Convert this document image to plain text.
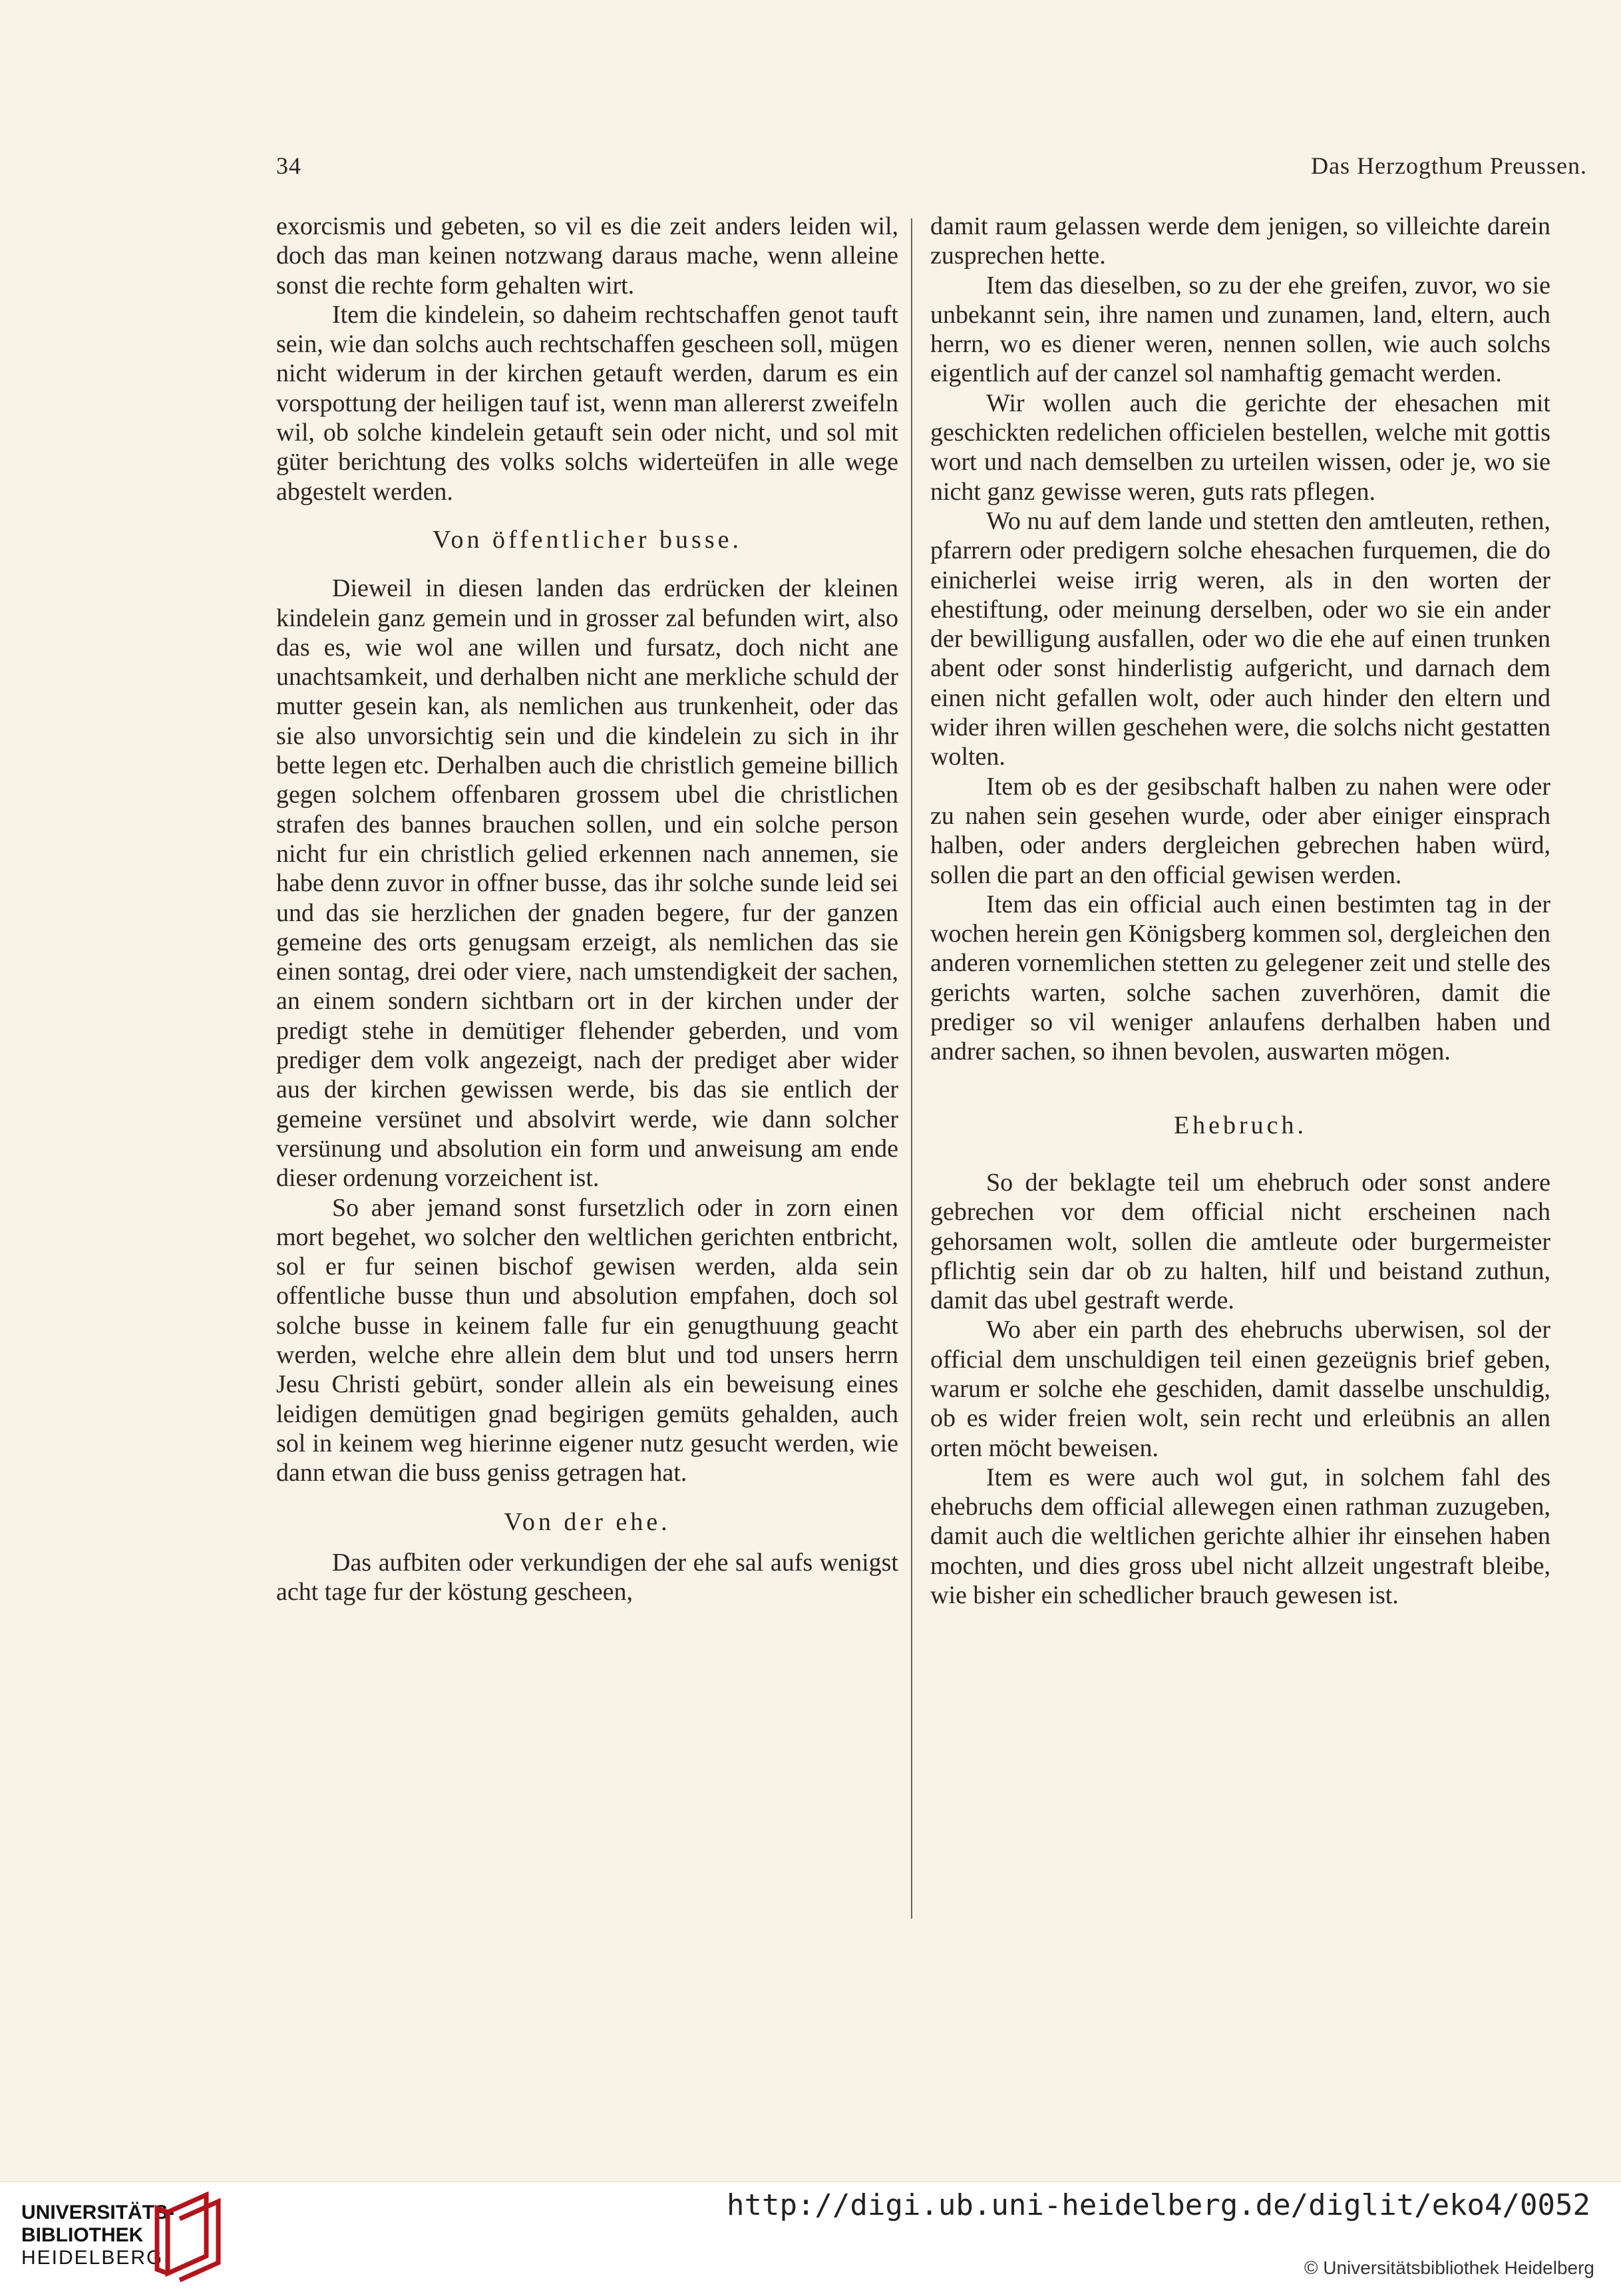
34	Das Herzogthum Preussen.

exorcismis und gebeten, so vil es die zeit anders leiden wil, doch das man keinen notzwang daraus mache, wenn alleine sonst die rechte form gehalten wirt.

Item die kindelein, so daheim rechtschaffen genot tauft sein, wie dan solchs auch rechtschaffen gescheen soll, mügen nicht widerum in der kirchen getauft werden, darum es ein vorspottung der heiligen tauf ist, wenn man allererst zweifeln wil, ob solche kindelein getauft sein oder nicht, und sol mit güter berichtung des volks solchs widerteüfen in alle wege abgestelt werden.

Von öffentlicher busse.

Dieweil in diesen landen das erdrücken der kleinen kindelein ganz gemein und in grosser zal befunden wirt, also das es, wie wol ane willen und fursatz, doch nicht ane unachtsamkeit, und derhalben nicht ane merkliche schuld der mutter gesein kan, als nemlichen aus trunkenheit, oder das sie also unvorsichtig sein und die kindelein zu sich in ihr bette legen etc. Derhalben auch die christlich gemeine billich gegen solchem offenbaren grossem ubel die christlichen strafen des bannes brauchen sollen, und ein solche person nicht fur ein christlich gelied erkennen nach annemen, sie habe denn zuvor in offner busse, das ihr solche sunde leid sei und das sie herzlichen der gnaden begere, fur der ganzen gemeine des orts genugsam erzeigt, als nemlichen das sie einen sontag, drei oder viere, nach umstendigkeit der sachen, an einem sondern sichtbarn ort in der kirchen under der predigt stehe in demütiger flehender geberden, und vom prediger dem volk angezeigt, nach der prediget aber wider aus der kirchen gewissen werde, bis das sie entlich der gemeine versünet und absolvirt werde, wie dann solcher versünung und absolution ein form und anweisung am ende dieser ordenung vorzeichent ist.

So aber jemand sonst fursetzlich oder in zorn einen mort begehet, wo solcher den weltlichen gerichten entbricht, sol er fur seinen bischof gewisen werden, alda sein offentliche busse thun und absolution empfahen, doch sol solche busse in keinem falle fur ein genugthuung geacht werden, welche ehre allein dem blut und tod unsers herrn Jesu Christi gebürt, sonder allein als ein beweisung eines leidigen demütigen gnad begirigen gemüts gehalden, auch sol in keinem weg hierinne eigener nutz gesucht werden, wie dann etwan die buss geniss getragen hat.

Von der ehe.

Das aufbiten oder verkundigen der ehe sal aufs wenigst acht tage fur der köstung gescheen,

damit raum gelassen werde dem jenigen, so villeichte darein zusprechen hette.

Item das dieselben, so zu der ehe greifen, zuvor, wo sie unbekannt sein, ihre namen und zunamen, land, eltern, auch herrn, wo es diener weren, nennen sollen, wie auch solchs eigentlich auf der canzel sol namhaftig gemacht werden.

Wir wollen auch die gerichte der ehesachen mit geschickten redelichen officielen bestellen, welche mit gottis wort und nach demselben zu urteilen wissen, oder je, wo sie nicht ganz gewisse weren, guts rats pflegen.

Wo nu auf dem lande und stetten den amtleuten, rethen, pfarrern oder predigern solche ehesachen furquemen, die do einicherlei weise irrig weren, als in den worten der ehestiftung, oder meinung derselben, oder wo sie ein ander der bewilligung ausfallen, oder wo die ehe auf einen trunken abent oder sonst hinderlistig aufgericht, und darnach dem einen nicht gefallen wolt, oder auch hinder den eltern und wider ihren willen geschehen were, die solchs nicht gestatten wolten.

Item ob es der gesibschaft halben zu nahen were oder zu nahen sein gesehen wurde, oder aber einiger einsprach halben, oder anders dergleichen gebrechen haben würd, sollen die part an den official gewisen werden.

Item das ein official auch einen bestimten tag in der wochen herein gen Königsberg kommen sol, dergleichen den anderen vornemlichen stetten zu gelegener zeit und stelle des gerichts warten, solche sachen zuverhören, damit die prediger so vil weniger anlaufens derhalben haben und andrer sachen, so ihnen bevolen, auswarten mögen.

Ehebruch.

So der beklagte teil um ehebruch oder sonst andere gebrechen vor dem official nicht erscheinen nach gehorsamen wolt, sollen die amtleute oder burgermeister pflichtig sein dar ob zu halten, hilf und beistand zuthun, damit das ubel gestraft werde.

Wo aber ein parth des ehebruchs uberwisen, sol der official dem unschuldigen teil einen gezeügnis brief geben, warum er solche ehe geschiden, damit dasselbe unschuldig, ob es wider freien wolt, sein recht und erleübnis an allen orten möcht beweisen.

Item es were auch wol gut, in solchem fahl des ehebruchs dem official allewegen einen rathman zuzugeben, damit auch die weltlichen gerichte alhier ihr einsehen haben mochten, und dies gross ubel nicht allzeit ungestraft bleibe, wie bisher ein schedlicher brauch gewesen ist.

UNIVERSITÄTS-
BIBLIOTHEK
HEIDELBERG
http://digi.ub.uni-heidelberg.de/diglit/eko4/0052
© Universitätsbibliothek Heidelberg
